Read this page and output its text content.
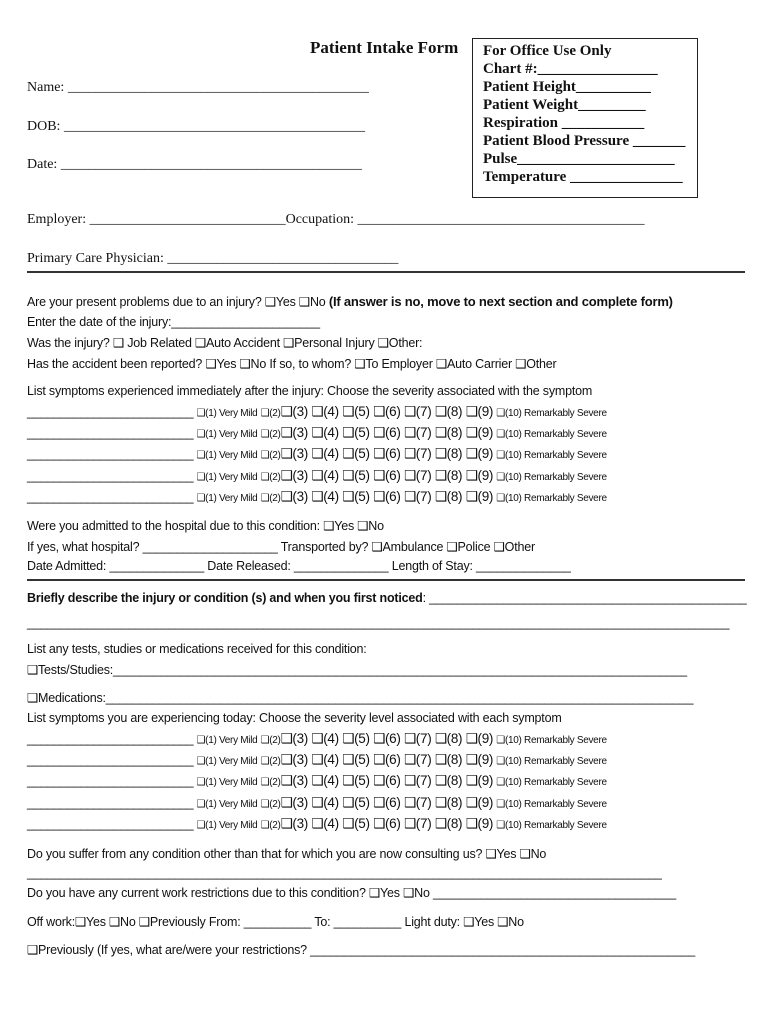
Patient Intake Form For Office Use Only
Chart #:________________
Patient Height__________
Patient Weight_________
Respiration ___________
Patient Blood Pressure _______
Pulse_____________________
Temperature _______________
Name: ___________________________________________
DOB: ___________________________________________
Date: ___________________________________________
Employer: ____________________________Occupation: _________________________________________
Primary Care Physician: _________________________________
Are your present problems due to an injury? ❑Yes ❑No (If answer is no, move to next section and complete form)
Enter the date of the injury:______________________
Was the injury? ❑ Job Related ❑Auto Accident ❑Personal Injury ❑Other:
Has the accident been reported? ❑Yes ❑No If so, to whom? ❑To Employer ❑Auto Carrier ❑Other
List symptoms experienced immediately after the injury: Choose the severity associated with the symptom
_________________________ ❑(1) Very Mild ❑(2)❑(3) ❑(4) ❑(5) ❑(6) ❑(7) ❑(8) ❑(9) ❑(10) Remarkably Severe
_________________________ ❑(1) Very Mild ❑(2)❑(3) ❑(4) ❑(5) ❑(6) ❑(7) ❑(8) ❑(9) ❑(10) Remarkably Severe
_________________________ ❑(1) Very Mild ❑(2)❑(3) ❑(4) ❑(5) ❑(6) ❑(7) ❑(8) ❑(9) ❑(10) Remarkably Severe
_________________________ ❑(1) Very Mild ❑(2)❑(3) ❑(4) ❑(5) ❑(6) ❑(7) ❑(8) ❑(9) ❑(10) Remarkably Severe
_________________________ ❑(1) Very Mild ❑(2)❑(3) ❑(4) ❑(5) ❑(6) ❑(7) ❑(8) ❑(9) ❑(10) Remarkably Severe
Were you admitted to the hospital due to this condition: ❑Yes ❑No
If yes, what hospital? ____________________ Transported by? ❑Ambulance ❑Police ❑Other
Date Admitted: ______________ Date Released: ______________ Length of Stay: ______________
Briefly describe the injury or condition (s) and when you first noticed: _______________________________________________
________________________________________________________________________________________________________
List any tests, studies or medications received for this condition:
❑Tests/Studies:_____________________________________________________________________________________
❑Medications:_______________________________________________________________________________________
List symptoms you are experiencing today: Choose the severity level associated with each symptom
_________________________ ❑(1) Very Mild ❑(2)❑(3) ❑(4) ❑(5) ❑(6) ❑(7) ❑(8) ❑(9) ❑(10) Remarkably Severe
_________________________ ❑(1) Very Mild ❑(2)❑(3) ❑(4) ❑(5) ❑(6) ❑(7) ❑(8) ❑(9) ❑(10) Remarkably Severe
_________________________ ❑(1) Very Mild ❑(2)❑(3) ❑(4) ❑(5) ❑(6) ❑(7) ❑(8) ❑(9) ❑(10) Remarkably Severe
_________________________ ❑(1) Very Mild ❑(2)❑(3) ❑(4) ❑(5) ❑(6) ❑(7) ❑(8) ❑(9) ❑(10) Remarkably Severe
_________________________ ❑(1) Very Mild ❑(2)❑(3) ❑(4) ❑(5) ❑(6) ❑(7) ❑(8) ❑(9) ❑(10) Remarkably Severe
Do you suffer from any condition other than that for which you are now consulting us? ❑Yes ❑No
______________________________________________________________________________________________
Do you have any current work restrictions due to this condition? ❑Yes ❑No ____________________________________
Off work:❑Yes ❑No ❑Previously From: __________ To: __________ Light duty: ❑Yes ❑No
❑Previously (If yes, what are/were your restrictions? _________________________________________________________
